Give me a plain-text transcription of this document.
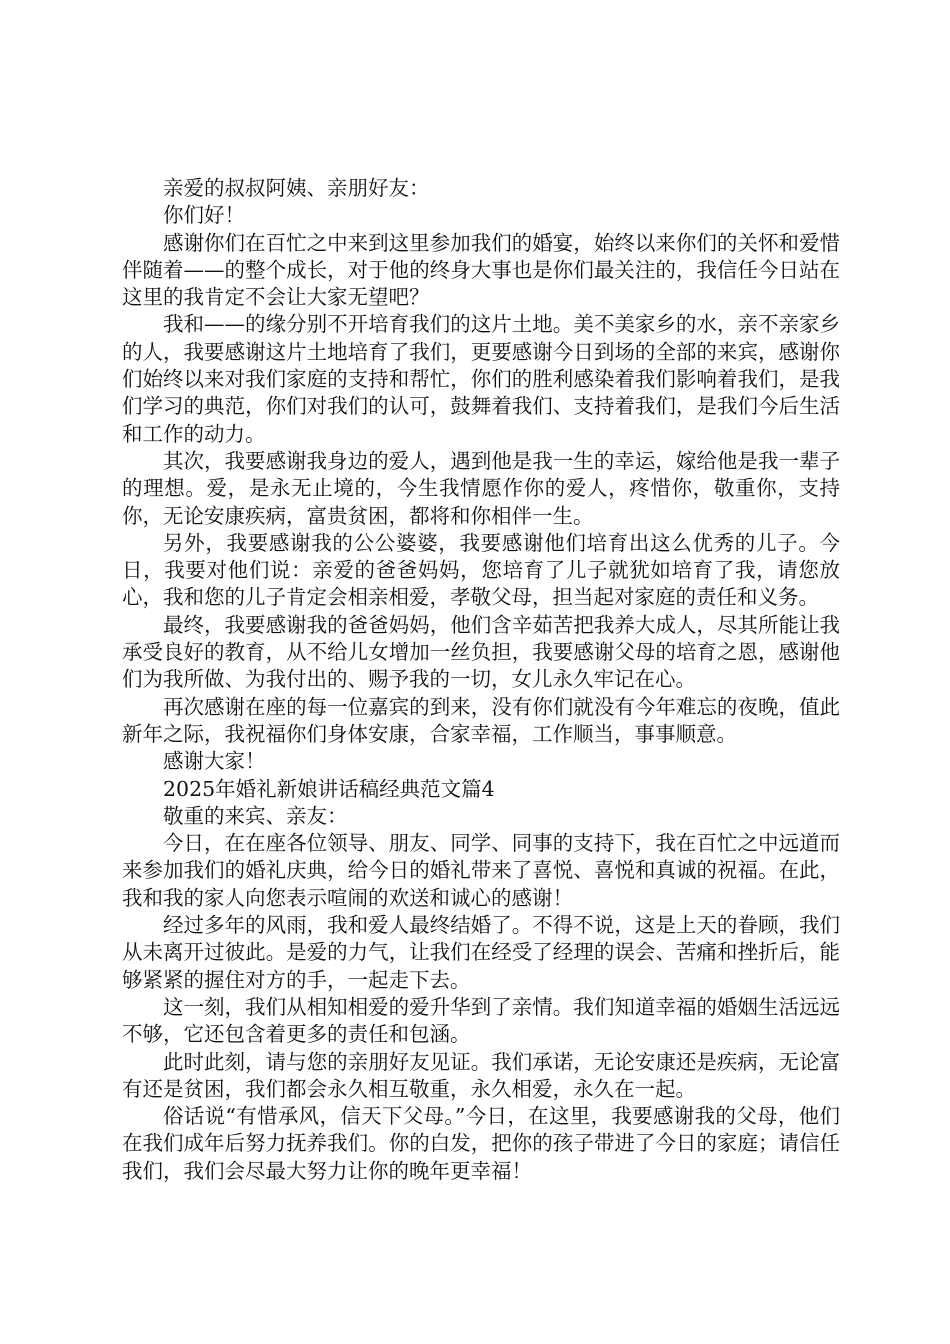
亲爱的叔叔阿姨、亲朋好友：

你们好！

感谢你们在百忙之中来到这里参加我们的婚宴，始终以来你们的关怀和爱惜伴随着——的整个成长，对于他的终身大事也是你们最关注的，我信任今日站在这里的我肯定不会让大家无望吧？

我和——的缘分别不开培育我们的这片土地。美不美家乡的水，亲不亲家乡的人，我要感谢这片土地培育了我们，更要感谢今日到场的全部的来宾，感谢你们始终以来对我们家庭的支持和帮忙，你们的胜利感染着我们影响着我们，是我们学习的典范，你们对我们的认可，鼓舞着我们、支持着我们，是我们今后生活和工作的动力。

其次，我要感谢我身边的爱人，遇到他是我一生的幸运，嫁给他是我一辈子的理想。爱，是永无止境的，今生我情愿作你的爱人，疼惜你，敬重你，支持你，无论安康疾病，富贵贫困，都将和你相伴一生。

另外，我要感谢我的公公婆婆，我要感谢他们培育出这么优秀的儿子。今日，我要对他们说：亲爱的爸爸妈妈，您培育了儿子就犹如培育了我，请您放心，我和您的儿子肯定会相亲相爱，孝敬父母，担当起对家庭的责任和义务。

最终，我要感谢我的爸爸妈妈，他们含辛茹苦把我养大成人，尽其所能让我承受良好的教育，从不给儿女增加一丝负担，我要感谢父母的培育之恩，感谢他们为我所做、为我付出的、赐予我的一切，女儿永久牢记在心。

再次感谢在座的每一位嘉宾的到来，没有你们就没有今年难忘的夜晚，值此新年之际，我祝福你们身体安康，合家幸福，工作顺当，事事顺意。

感谢大家！

2025年婚礼新娘讲话稿经典范文篇4

敬重的来宾、亲友：

今日，在在座各位领导、朋友、同学、同事的支持下，我在百忙之中远道而来参加我们的婚礼庆典，给今日的婚礼带来了喜悦、喜悦和真诚的祝福。在此，我和我的家人向您表示喧闹的欢送和诚心的感谢！

经过多年的风雨，我和爱人最终结婚了。不得不说，这是上天的眷顾，我们从未离开过彼此。是爱的力气，让我们在经受了经理的误会、苦痛和挫折后，能够紧紧的握住对方的手，一起走下去。

这一刻，我们从相知相爱的爱升华到了亲情。我们知道幸福的婚姻生活远远不够，它还包含着更多的责任和包涵。

此时此刻，请与您的亲朋好友见证。我们承诺，无论安康还是疾病，无论富有还是贫困，我们都会永久相互敬重，永久相爱，永久在一起。

俗话说“有惜承风，信天下父母。”今日，在这里，我要感谢我的父母，他们在我们成年后努力抚养我们。你的白发，把你的孩子带进了今日的家庭；请信任我们，我们会尽最大努力让你的晚年更幸福！
